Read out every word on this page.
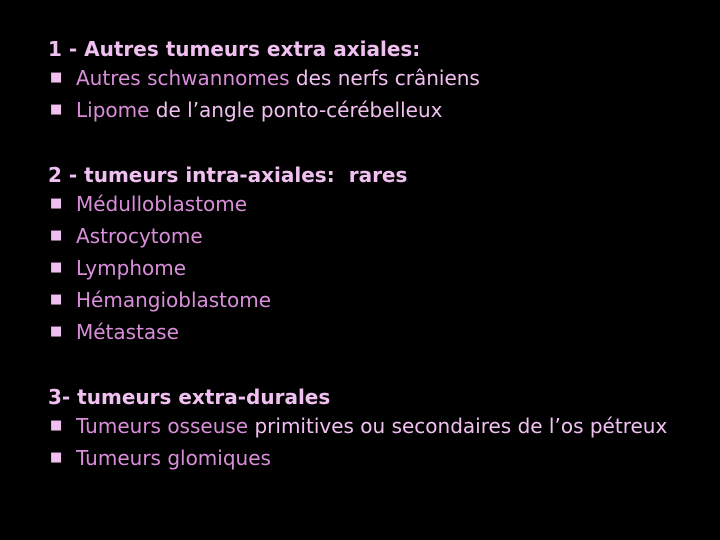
1 - Autres tumeurs extra axiales:
■ Autres schwannomes des nerfs crâniens
■ Lipome de l’angle ponto-cérébelleux
2 - tumeurs intra-axiales: rares
■ Médulloblastome
■ Astrocytome
■ Lymphome
■ Hémangioblastome
■ Métastase
3- tumeurs extra-durales
■ Tumeurs osseuse primitives ou secondaires de l’os pétreux
■ Tumeurs glomiques
